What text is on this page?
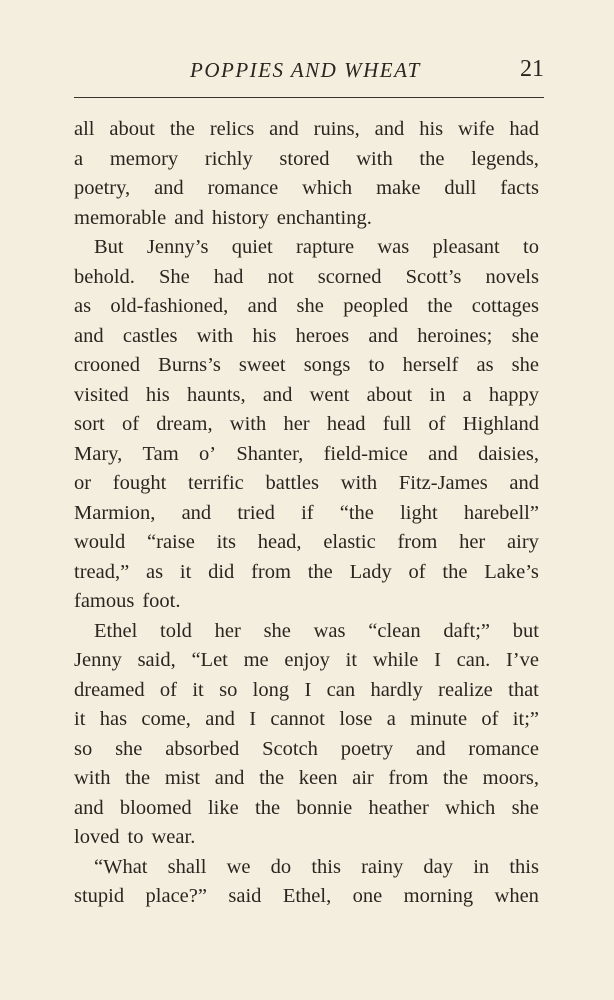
POPPIES AND WHEAT	21
all about the relics and ruins, and his wife had
a memory richly stored with the legends,
poetry, and romance which make dull facts
memorable and history enchanting.
But Jenny’s quiet rapture was pleasant to
behold. She had not scorned Scott’s novels
as old-fashioned, and she peopled the cottages
and castles with his heroes and heroines; she
crooned Burns’s sweet songs to herself as she
visited his haunts, and went about in a happy
sort of dream, with her head full of Highland
Mary, Tam o’ Shanter, field-mice and daisies,
or fought terrific battles with Fitz-James and
Marmion, and tried if “the light harebell”
would “raise its head, elastic from her airy
tread,” as it did from the Lady of the Lake’s
famous foot.
Ethel told her she was “clean daft;” but
Jenny said, “Let me enjoy it while I can. I’ve
dreamed of it so long I can hardly realize that
it has come, and I cannot lose a minute of it;”
so she absorbed Scotch poetry and romance
with the mist and the keen air from the moors,
and bloomed like the bonnie heather which she
loved to wear.
“What shall we do this rainy day in this
stupid place?” said Ethel, one morning when
